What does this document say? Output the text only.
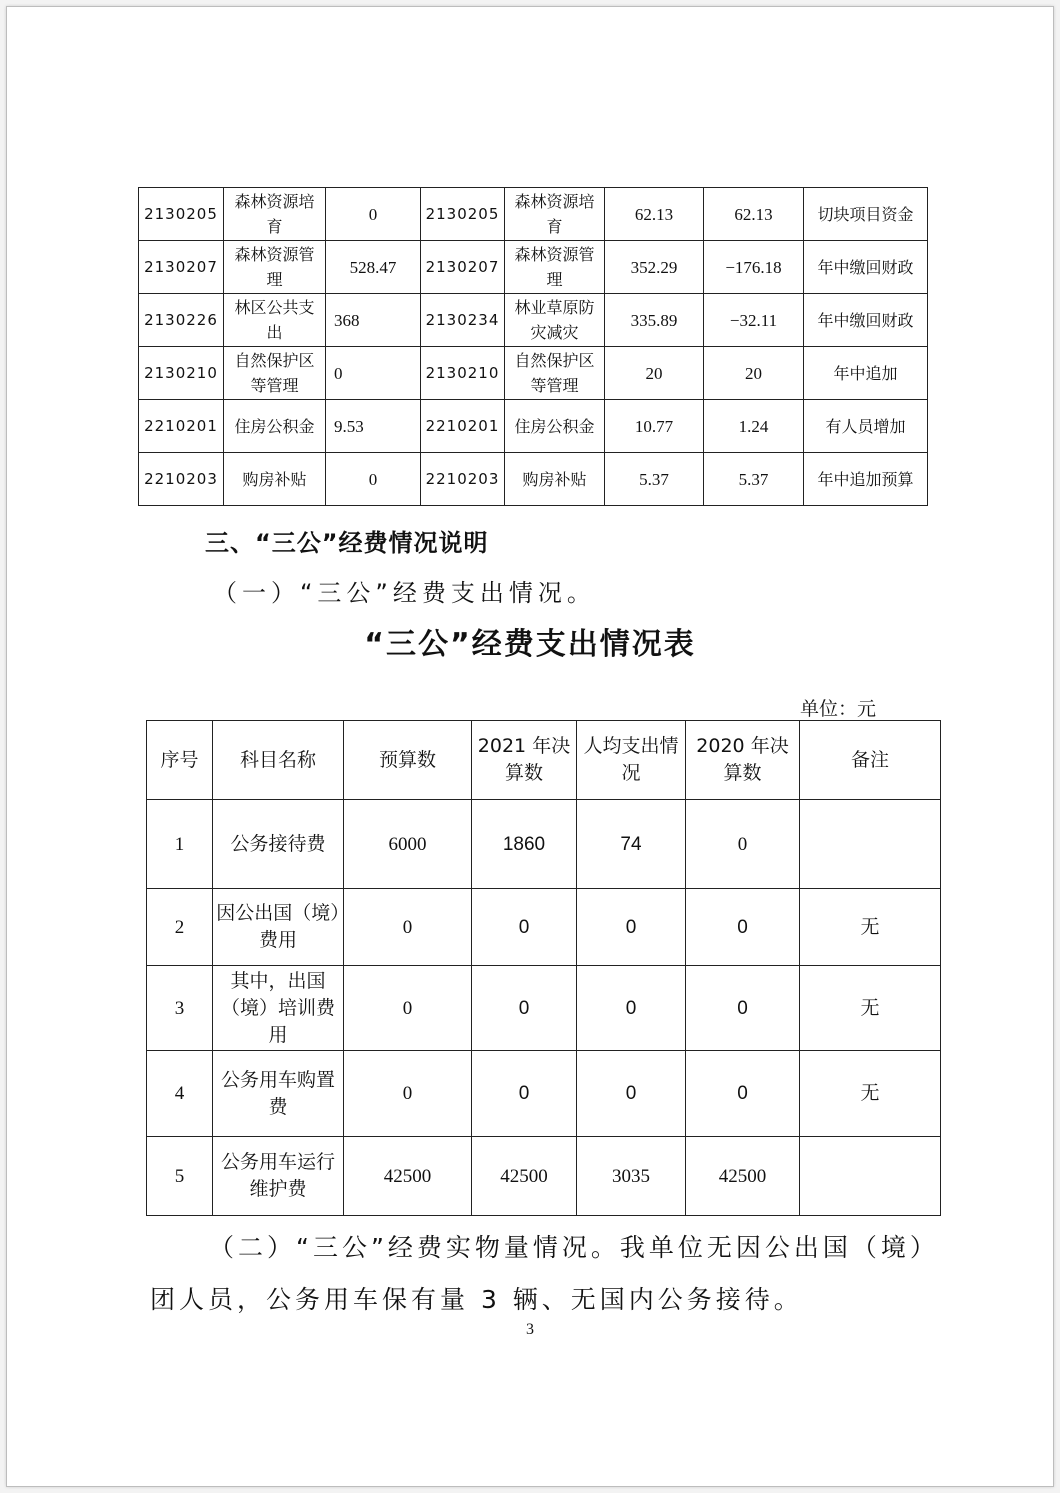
2130205	森林资源培育	0	2130205	森林资源培育	62.13	62.13	切块项目资金
2130207	森林资源管理	528.47	2130207	森林资源管理	352.29	−176.18	年中缴回财政
2130226	林区公共支出	368	2130234	林业草原防灾减灾	335.89	−32.11	年中缴回财政
2130210	自然保护区等管理	0	2130210	自然保护区等管理	20	20	年中追加
2210201	住房公积金	9.53	2210201	住房公积金	10.77	1.24	有人员增加
2210203	购房补贴	0	2210203	购房补贴	5.37	5.37	年中追加预算
三、“三公”经费情况说明
（一）“三公”经费支出情况。
“三公”经费支出情况表
单位：元
序号	科目名称	预算数	2021 年决算数	人均支出情况	2020 年决算数	备注
1	公务接待费	6000	1860	74	0	
2	因公出国（境）费用	0	0	0	0	无
3	其中，出国（境）培训费用	0	0	0	0	无
4	公务用车购置费	0	0	0	0	无
5	公务用车运行维护费	42500	42500	3035	42500	
（二）“三公”经费实物量情况。我单位无因公出国（境）
团人员，公务用车保有量 3 辆、无国内公务接待。
3
